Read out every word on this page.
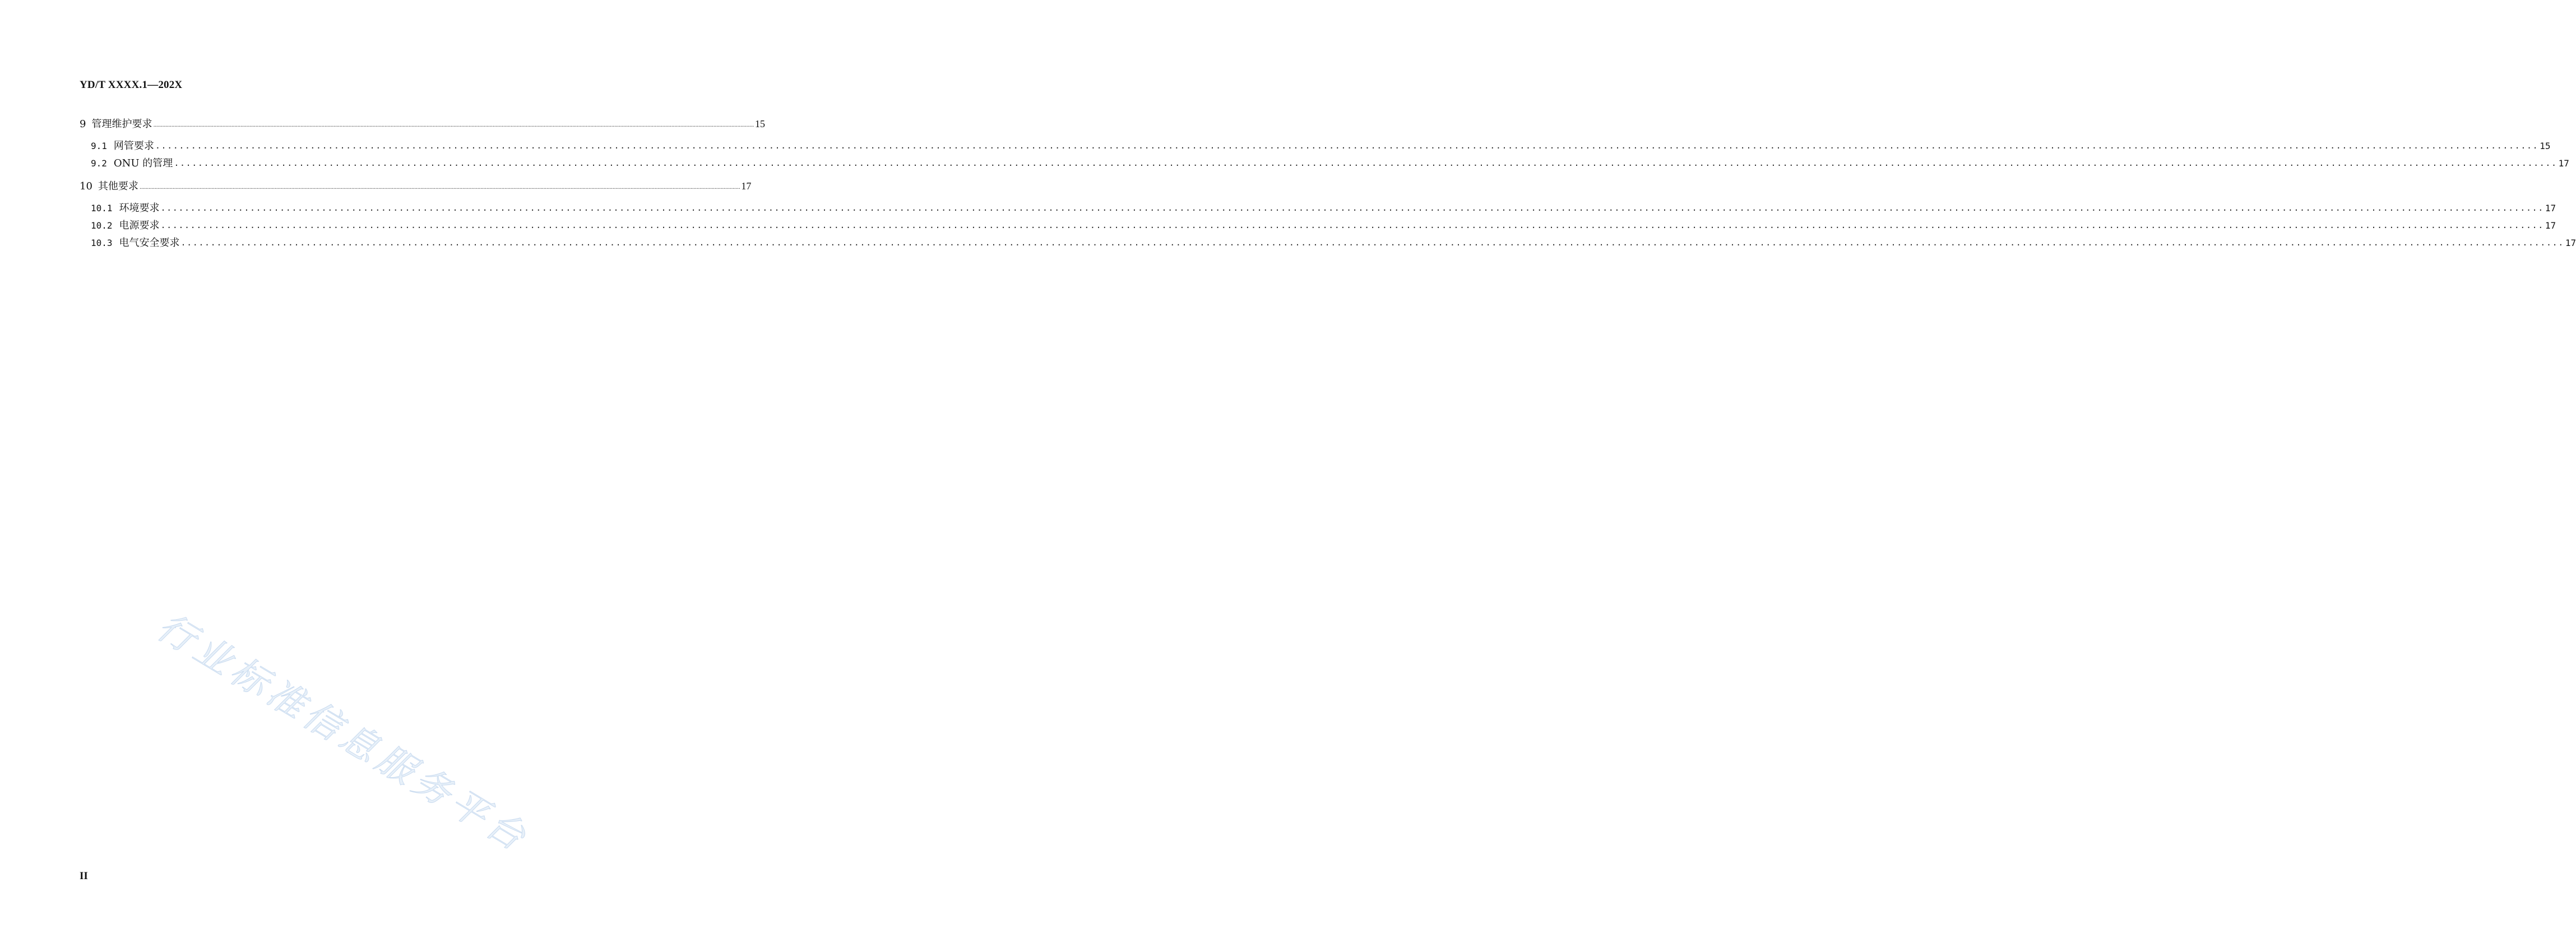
YD/T XXXX.1—202X
9 管理维护要求 ................................................................................................................................................................................................................................................................................................................................................................................................................ 15
9.1 网管要求 ................................................................................................................................................................................................................................................................................................................................................................................................................ 15
9.2 ONU 的管理 ................................................................................................................................................................................................................................................................................................................................................................................................................ 17
10 其他要求 ................................................................................................................................................................................................................................................................................................................................................................................................................ 17
10.1 环境要求 ................................................................................................................................................................................................................................................................................................................................................................................................................ 17
10.2 电源要求 ................................................................................................................................................................................................................................................................................................................................................................................................................ 17
10.3 电气安全要求 ................................................................................................................................................................................................................................................................................................................................................................................................................ 17
行业标准信息服务平台
II
